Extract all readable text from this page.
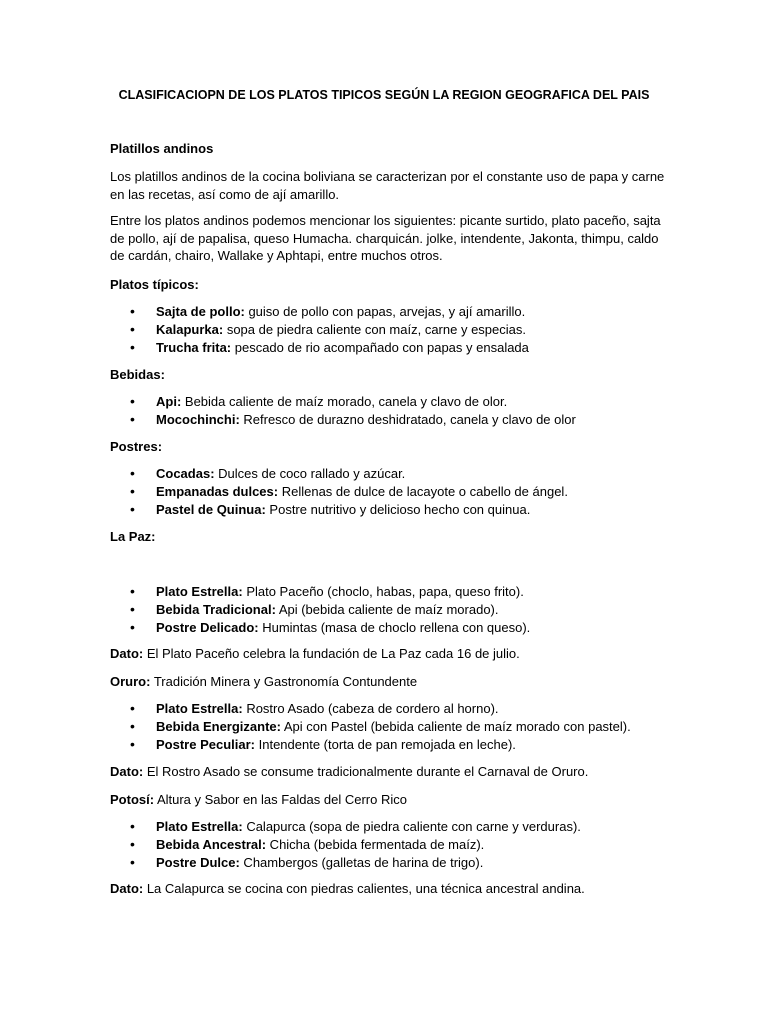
CLASIFICACIOPN DE LOS PLATOS TIPICOS SEGÚN LA REGION GEOGRAFICA DEL PAIS

Platillos andinos

Los platillos andinos de la cocina boliviana se caracterizan por el constante uso de papa y carne en las recetas, así como de ají amarillo.

Entre los platos andinos podemos mencionar los siguientes: picante surtido, plato paceño, sajta de pollo, ají de papalisa, queso Humacha. charquicán. jolke, intendente, Jakonta, thimpu, caldo de cardán, chairo, Wallake y Aphtapi, entre muchos otros.

Platos típicos:

• Sajta de pollo: guiso de pollo con papas, arvejas, y ají amarillo.
• Kalapurka: sopa de piedra caliente con maíz, carne y especias.
• Trucha frita: pescado de rio acompañado con papas y ensalada

Bebidas:

• Api: Bebida caliente de maíz morado, canela y clavo de olor.
• Mocochinchi: Refresco de durazno deshidratado, canela y clavo de olor

Postres:

• Cocadas: Dulces de coco rallado y azúcar.
• Empanadas dulces: Rellenas de dulce de lacayote o cabello de ángel.
• Pastel de Quinua: Postre nutritivo y delicioso hecho con quinua.

La Paz:

• Plato Estrella: Plato Paceño (choclo, habas, papa, queso frito).
• Bebida Tradicional: Api (bebida caliente de maíz morado).
• Postre Delicado: Humintas (masa de choclo rellena con queso).

Dato: El Plato Paceño celebra la fundación de La Paz cada 16 de julio.

Oruro: Tradición Minera y Gastronomía Contundente

• Plato Estrella: Rostro Asado (cabeza de cordero al horno).
• Bebida Energizante: Api con Pastel (bebida caliente de maíz morado con pastel).
• Postre Peculiar: Intendente (torta de pan remojada en leche).

Dato: El Rostro Asado se consume tradicionalmente durante el Carnaval de Oruro.

Potosí: Altura y Sabor en las Faldas del Cerro Rico

• Plato Estrella: Calapurca (sopa de piedra caliente con carne y verduras).
• Bebida Ancestral: Chicha (bebida fermentada de maíz).
• Postre Dulce: Chambergos (galletas de harina de trigo).

Dato: La Calapurca se cocina con piedras calientes, una técnica ancestral andina.
